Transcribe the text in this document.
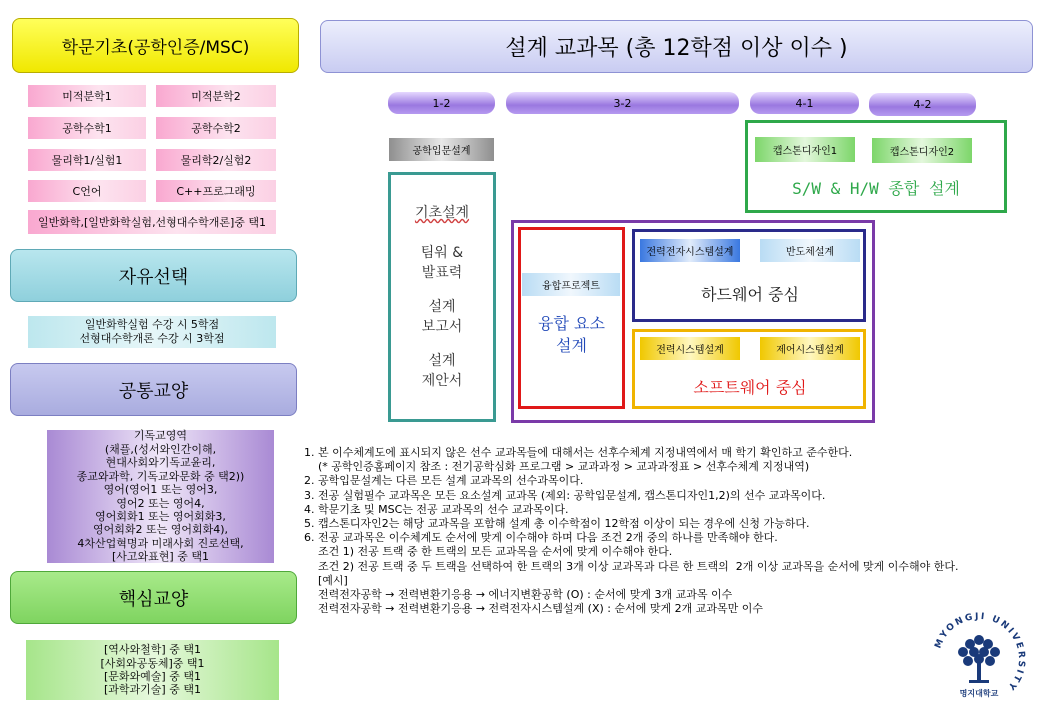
학문기초(공학인증/MSC)
미적분학1	미적분학2
공학수학1	공학수학2
물리학1/실험1	물리학2/실험2
C언어	C++프로그래밍
일반화학,[일반화학실험,선형대수학개론]중 택1
자유선택
일반화학실험 수강 시 5학점
선형대수학개론 수강 시 3학점
공통교양
기독교영역
(채플,(성서와인간이해,
현대사회와기독교윤리,
종교와과학, 기독교와문화 중 택2))
영어(영어1 또는 영어3,
영어2 또는 영어4,
영어회화1 또는 영어회화3,
영어회화2 또는 영어회화4),
4차산업혁명과 미래사회 진로선택,
[사고와표현] 중 택1
핵심교양
[역사와철학] 중 택1
[사회와공동체]중 택1
[문화와예술] 중 택1
[과학과기술] 중 택1
설계 교과목 (총 12학점 이상 이수 )
1-2	3-2	4-1	4-2
캡스톤디자인1	캡스톤디자인2
S/W & H/W 종합 설계
공학입문설계
기초설계
팀워 &
발표력
설계
보고서
설계
제안서
융합프로젝트
융합 요소
설계
전력전자시스템설계	반도체설계
하드웨어 중심
전력시스템설계	제어시스템설계
소프트웨어 중심
1. 본 이수체계도에 표시되지 않은 선수 교과목들에 대해서는 선후수체계 지정내역에서 매 학기 확인하고 준수한다.
(* 공학인증홈페이지 참조 : 전기공학심화 프로그램 > 교과과정 > 교과과정표 > 선후수체계 지정내역)
2. 공학입문설계는 다른 모든 설계 교과목의 선수과목이다.
3. 전공 실험필수 교과목은 모든 요소설계 교과목 (제외: 공학입문설계, 캡스톤디자인1,2)의 선수 교과목이다.
4. 학문기초 및 MSC는 전공 교과목의 선수 교과목이다.
5. 캡스톤디자인2는 해당 교과목을 포함해 설계 총 이수학점이 12학점 이상이 되는 경우에 신청 가능하다.
6. 전공 교과목은 이수체계도 순서에 맞게 이수해야 하며 다음 조건 2개 중의 하나를 만족해야 한다.
조건 1) 전공 트랙 중 한 트랙의 모든 교과목을 순서에 맞게 이수해야 한다.
조건 2) 전공 트랙 중 두 트랙을 선택하여 한 트랙의 3개 이상 교과목과 다른 한 트랙의  2개 이상 교과목을 순서에 맞게 이수해야 한다.
[예시]
전력전자공학 → 전력변환기응용 → 에너지변환공학 (O) : 순서에 맞게 3개 교과목 이수
전력전자공학 → 전력변환기응용 → 전력전자시스템설계 (X) : 순서에 맞게 2개 교과목만 이수
MYONGJI UNIVERSITY
명지대학교
